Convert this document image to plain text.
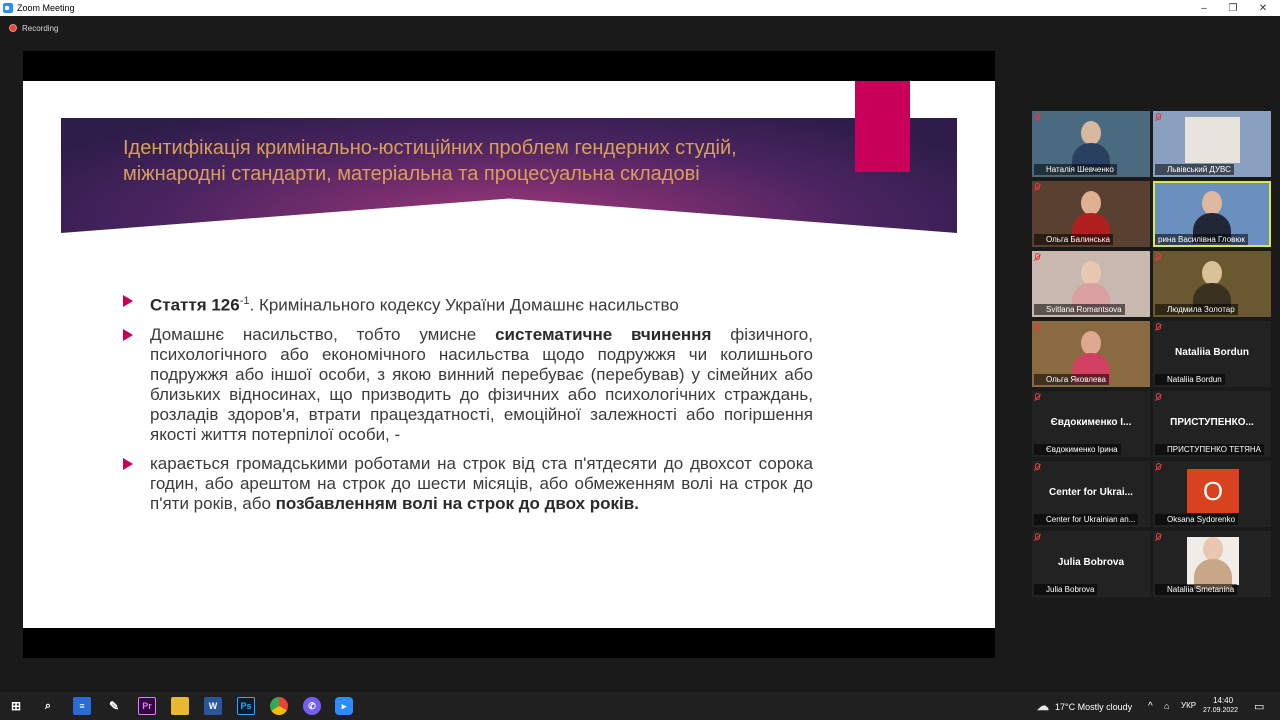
Zoom Meeting	–	❐	✕
Recording
Ідентифікація кримінально-юстиційних проблем гендерних студій, міжнародні стандарти, матеріальна та процесуальна складові
Стаття $126^{-1}$. Кримінального кодексу України Домашнє насильство
Домашнє насильство, тобто умисне систематичне вчинення фізичного, психологічного або економічного насильства щодо подружжя чи колишнього подружжя або іншої особи, з якою винний перебуває (перебував) у сімейних або близьких відносинах, що призводить до фізичних або психологічних страждань, розладів здоров'я, втрати працездатності, емоційної залежності або погіршення якості життя потерпілої особи, -
карається громадськими роботами на строк від ста п'ятдесяти до двохсот сорока годин, або арештом на строк до шести місяців, або обмеженням волі на строк до п'яти років, або позбавленням волі на строк до двох років.
Наталія Шевченко	Львівський ДУВС
Ольга Балинська	рина Василівна Гловюк
Svitlana Romantsova	Людмила Золотар
Ольга Яковлева
Nataliia Bordun
Nataliia Bordun
Євдокименко І...
Євдокименко Ірина
ПРИСТУПЕНКО...
ПРИСТУПЕНКО ТЕТЯНА
Center for Ukrai...
Center for Ukrainian an...
O
Oksana Sydorenko
Julia Bobrova
Julia Bobrova	Nataliia Smetanina
⊞	⌕	≡	✎	Pr	W	Ps	✆	▸	☁ 17°C Mostly cloudy ^ ⌂ УКР
14:40
27.09.2022 ▭
